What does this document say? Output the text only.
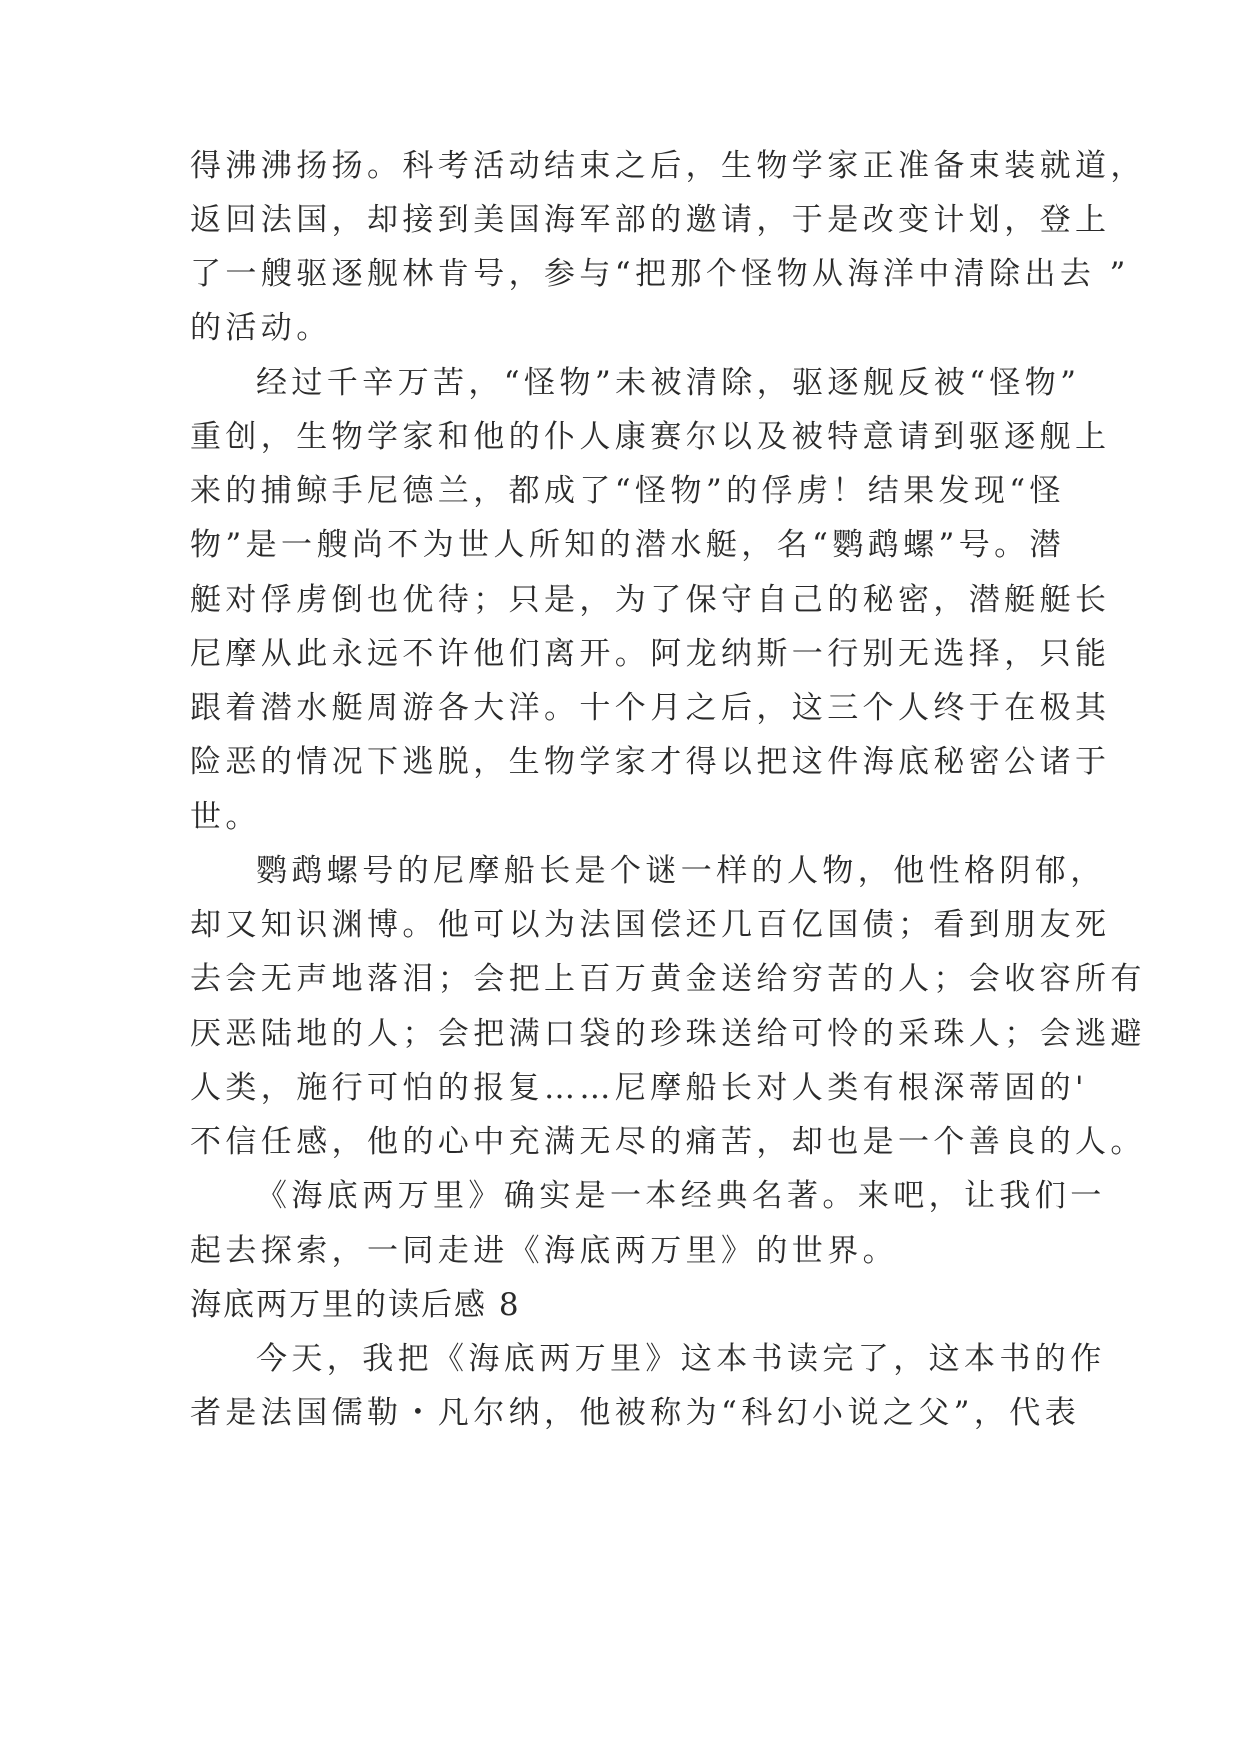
得沸沸扬扬。科考活动结束之后，生物学家正准备束装就道，
返回法国，却接到美国海军部的邀请，于是改变计划，登上
了一艘驱逐舰林肯号，参与“把那个怪物从海洋中清除出去 ”
的活动。
经过千辛万苦，“怪物”未被清除，驱逐舰反被“怪物”
重创，生物学家和他的仆人康赛尔以及被特意请到驱逐舰上
来的捕鲸手尼德兰，都成了“怪物”的俘虏！结果发现“怪
物”是一艘尚不为世人所知的潜水艇，名“鹦鹉螺”号。潜
艇对俘虏倒也优待；只是，为了保守自己的秘密，潜艇艇长
尼摩从此永远不许他们离开。阿龙纳斯一行别无选择，只能
跟着潜水艇周游各大洋。十个月之后，这三个人终于在极其
险恶的情况下逃脱，生物学家才得以把这件海底秘密公诸于
世。
鹦鹉螺号的尼摩船长是个谜一样的人物，他性格阴郁，
却又知识渊博。他可以为法国偿还几百亿国债；看到朋友死
去会无声地落泪；会把上百万黄金送给穷苦的人；会收容所有
厌恶陆地的人；会把满口袋的珍珠送给可怜的采珠人；会逃避
人类，施行可怕的报复……尼摩船长对人类有根深蒂固的'
不信任感，他的心中充满无尽的痛苦，却也是一个善良的人。
《海底两万里》确实是一本经典名著。来吧，让我们一
起去探索，一同走进《海底两万里》的世界。
海底两万里的读后感 8
今天，我把《海底两万里》这本书读完了，这本书的作
者是法国儒勒・凡尔纳，他被称为“科幻小说之父”，代表
